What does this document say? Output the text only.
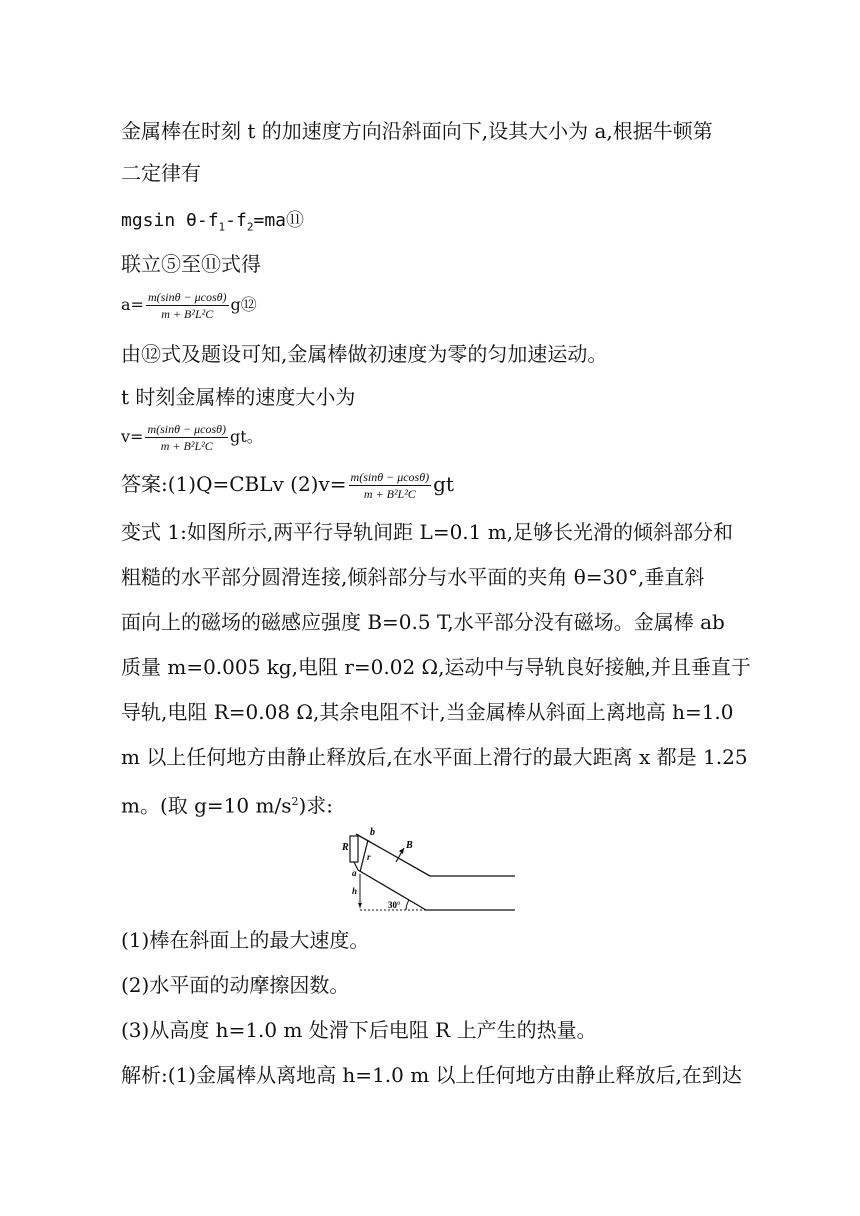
金属棒在时刻 t 的加速度方向沿斜面向下,设其大小为 a,根据牛顿第
二定律有
mgsin $\theta-f_1-f_2=ma⑪$
联立⑤至⑪式得
$a= \frac{m(\sin\theta - \mu\cos\theta)}{\text{m + B²L²C}}$ g⑫
由⑫式及题设可知,金属棒做初速度为零的匀加速运动。
t 时刻金属棒的速度大小为
$v= \frac{m(\sin\theta - \mu\cos\theta)}{\text{m + B²L²C}}$ gt。
答案:(1)Q=CBLv $(2)v= \frac{m(\sin\theta - \mu\cos\theta)}{\text{m + B²L²C}}$ gt
变式 1:如图所示,两平行导轨间距 L=0.1 m,足够长光滑的倾斜部分和
粗糙的水平部分圆滑连接,倾斜部分与水平面的夹角 θ=30°,垂直斜
面向上的磁场的磁感应强度 B=0.5 T,水平部分没有磁场。金属棒 ab
质量 m=0.005 kg,电阻 r=0.02 Ω,运动中与导轨良好接触,并且垂直于
导轨,电阻 R=0.08 Ω,其余电阻不计,当金属棒从斜面上离地高 h=1.0
m 以上任何地方由静止释放后,在水平面上滑行的最大距离 x 都是 1.25
m。(取 g=10 $m/s^2$)求:
R
b
r
a
B
h
30°
(1)棒在斜面上的最大速度。
(2)水平面的动摩擦因数。
(3)从高度 h=1.0 m 处滑下后电阻 R 上产生的热量。
解析:(1)金属棒从离地高 h=1.0 m 以上任何地方由静止释放后,在到达
